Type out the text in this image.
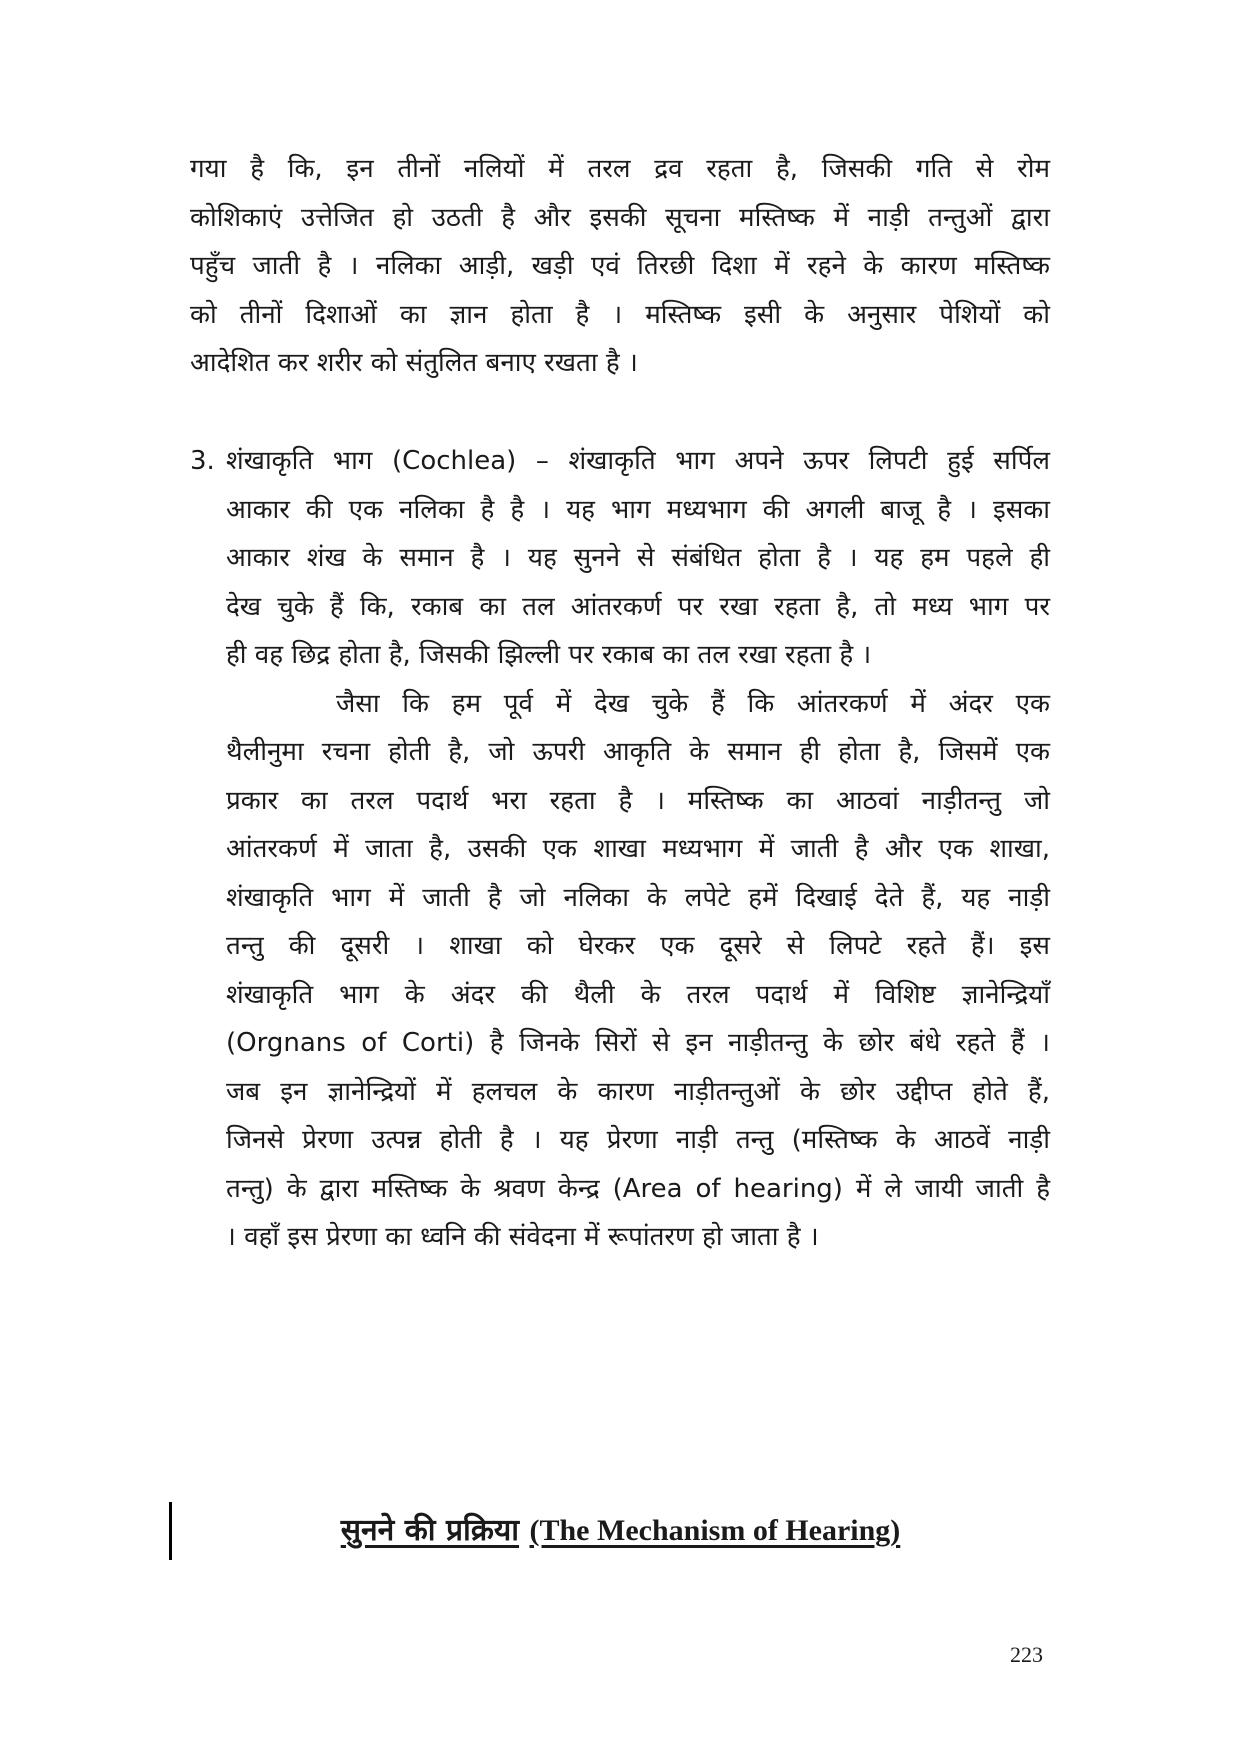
गया है कि, इन तीनों नलियों में तरल द्रव रहता है, जिसकी गति से रोम
कोशिकाएं उत्तेजित हो उठती है और इसकी सूचना मस्तिष्क में नाड़ी तन्तुओं द्वारा
पहुँच जाती है । नलिका आड़ी, खड़ी एवं तिरछी दिशा में रहने के कारण मस्तिष्क
को तीनों दिशाओं का ज्ञान होता है । मस्तिष्क इसी के अनुसार पेशियों को
आदेशित कर शरीर को संतुलित बनाए रखता है ।
3. शंखाकृति भाग (Cochlea) – शंखाकृति भाग अपने ऊपर लिपटी हुई सर्पिल
आकार की एक नलिका है है । यह भाग मध्यभाग की अगली बाजू है । इसका
आकार शंख के समान है । यह सुनने से संबंधित होता है । यह हम पहले ही
देख चुके हैं कि, रकाब का तल आंतरकर्ण पर रखा रहता है, तो मध्य भाग पर
ही वह छिद्र होता है, जिसकी झिल्ली पर रकाब का तल रखा रहता है ।
जैसा कि हम पूर्व में देख चुके हैं कि आंतरकर्ण में अंदर एक
थैलीनुमा रचना होती है, जो ऊपरी आकृति के समान ही होता है, जिसमें एक
प्रकार का तरल पदार्थ भरा रहता है । मस्तिष्क का आठवां नाड़ीतन्तु जो
आंतरकर्ण में जाता है, उसकी एक शाखा मध्यभाग में जाती है और एक शाखा,
शंखाकृति भाग में जाती है जो नलिका के लपेटे हमें दिखाई देते हैं, यह नाड़ी
तन्तु की दूसरी । शाखा को घेरकर एक दूसरे से लिपटे रहते हैं। इस
शंखाकृति भाग के अंदर की थैली के तरल पदार्थ में विशिष्ट ज्ञानेन्द्रियाँ
(Orgnans of Corti) है जिनके सिरों से इन नाड़ीतन्तु के छोर बंधे रहते हैं ।
जब इन ज्ञानेन्द्रियों में हलचल के कारण नाड़ीतन्तुओं के छोर उद्दीप्त होते हैं,
जिनसे प्रेरणा उत्पन्न होती है । यह प्रेरणा नाड़ी तन्तु (मस्तिष्क के आठवें नाड़ी
तन्तु) के द्वारा मस्तिष्क के श्रवण केन्द्र (Area of hearing) में ले जायी जाती है
। वहाँ इस प्रेरणा का ध्वनि की संवेदना में रूपांतरण हो जाता है ।
सुनने की प्रक्रिया (The Mechanism of Hearing)
223
